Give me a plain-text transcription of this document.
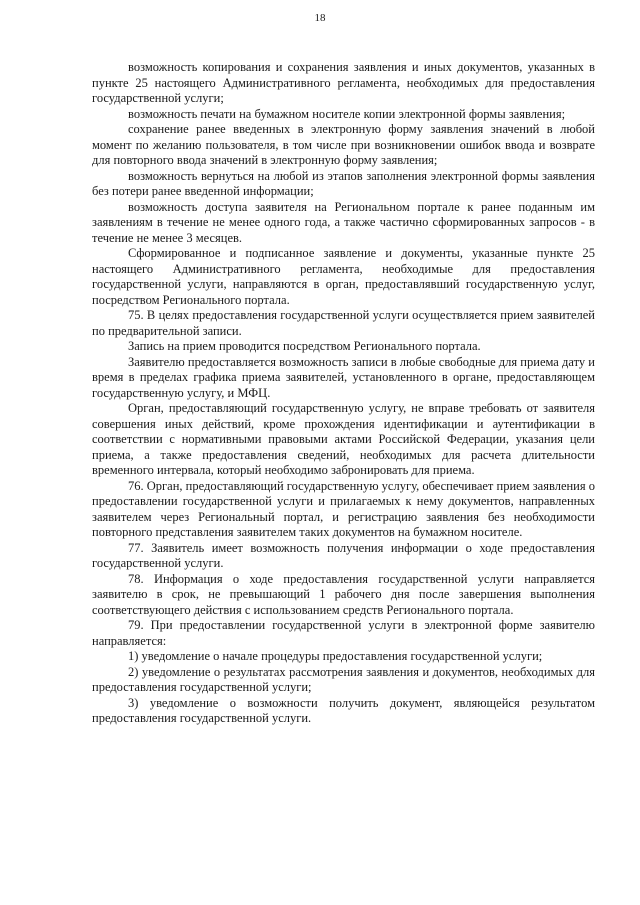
18

возможность копирования и сохранения заявления и иных документов, указанных в пункте 25 настоящего Административного регламента, необходимых для предоставления государственной услуги;

возможность печати на бумажном носителе копии электронной формы заявления;

сохранение ранее введенных в электронную форму заявления значений в любой момент по желанию пользователя, в том числе при возникновении ошибок ввода и возврате для повторного ввода значений в электронную форму заявления;

возможность вернуться на любой из этапов заполнения электронной формы заявления без потери ранее введенной информации;

возможность доступа заявителя на Региональном портале к ранее поданным им заявлениям в течение не менее одного года, а также частично сформированных запросов - в течение не менее 3 месяцев.

Сформированное и подписанное заявление и документы, указанные пункте 25 настоящего Административного регламента, необходимые для предоставления государственной услуги, направляются в орган, предоставлявший государственную услуг, посредством Регионального портала.

75. В целях предоставления государственной услуги осуществляется прием заявителей по предварительной записи.

Запись на прием проводится посредством Регионального портала.

Заявителю предоставляется возможность записи в любые свободные для приема дату и время в пределах графика приема заявителей, установленного в органе, предоставляющем государственную услугу, и МФЦ.

Орган, предоставляющий государственную услугу, не вправе требовать от заявителя совершения иных действий, кроме прохождения идентификации и аутентификации в соответствии с нормативными правовыми актами Российской Федерации, указания цели приема, а также предоставления сведений, необходимых для расчета длительности временного интервала, который необходимо забронировать для приема.

76. Орган, предоставляющий государственную услугу, обеспечивает прием заявления о предоставлении государственной услуги и прилагаемых к нему документов, направленных заявителем через Региональный портал, и регистрацию заявления без необходимости повторного представления заявителем таких документов на бумажном носителе.

77. Заявитель имеет возможность получения информации о ходе предоставления государственной услуги.

78. Информация о ходе предоставления государственной услуги направляется заявителю в срок, не превышающий 1 рабочего дня после завершения выполнения соответствующего действия с использованием средств Регионального портала.

79. При предоставлении государственной услуги в электронной форме заявителю направляется:

1) уведомление о начале процедуры предоставления государственной услуги;

2) уведомление о результатах рассмотрения заявления и документов, необходимых для предоставления государственной услуги;

3) уведомление о возможности получить документ, являющейся результатом предоставления государственной услуги.
